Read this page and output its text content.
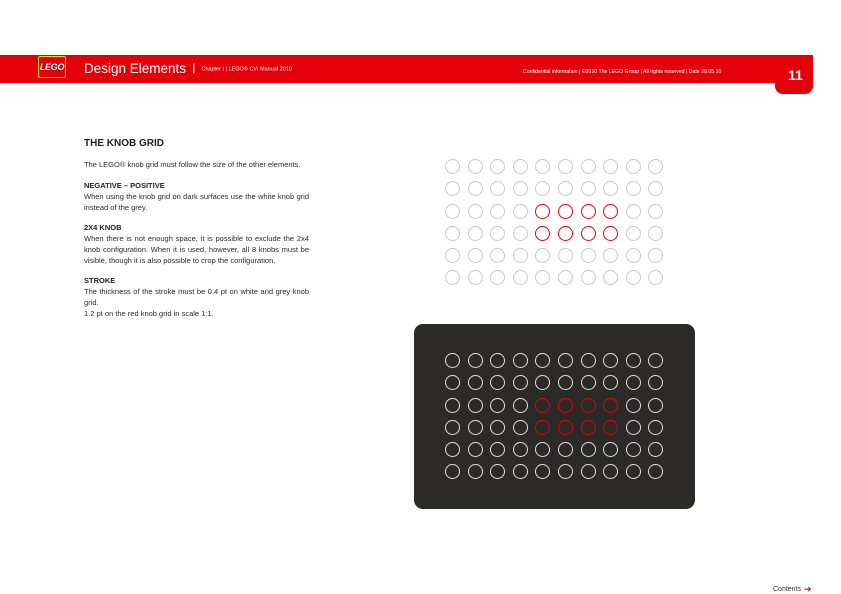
LEGO Design Elements I Chapter I | LEGO® CVI Manual 2010	Confidential information | ©2010 The LEGO Group | All rights reserved | Date 28.05.10	11
THE KNOB GRID
The LEGO® knob grid must follow the size of the other elements.
NEGATIVE – POSITIVE
When using the knob grid on dark surfaces use the white knob grid instead of the grey.
2X4 KNOB
When there is not enough space, it is possible to exclude the 2x4 knob configuration. When it is used, however, all 8 knobs must be visible, though it is also possible to crop the configuration.
STROKE
The thickness of the stroke must be 0.4 pt on white and grey knob grid.
1.2 pt on the red knob grid in scale 1:1.
Contents ➔
